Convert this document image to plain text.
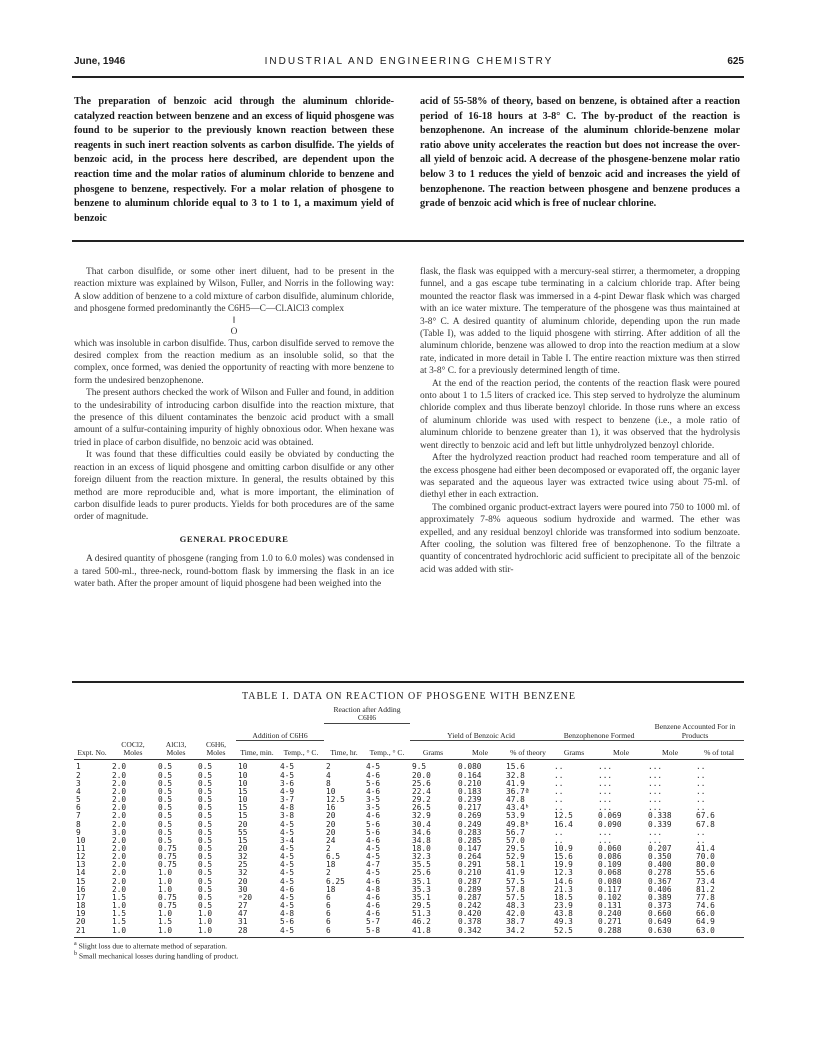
June, 1946	INDUSTRIAL AND ENGINEERING CHEMISTRY	625
The preparation of benzoic acid through the aluminum chloride-catalyzed reaction between benzene and an excess of liquid phosgene was found to be superior to the previously known reaction between these reagents in such inert reaction solvents as carbon disulfide. The yields of benzoic acid, in the process here described, are dependent upon the reaction time and the molar ratios of aluminum chloride to benzene and phosgene to benzene, respectively. For a molar relation of phosgene to benzene to aluminum chloride equal to 3 to 1 to 1, a maximum yield of benzoic
acid of 55-58% of theory, based on benzene, is obtained after a reaction period of 16-18 hours at 3-8° C. The by-product of the reaction is benzophenone. An increase of the aluminum chloride-benzene molar ratio above unity accelerates the reaction but does not increase the over-all yield of benzoic acid. A decrease of the phosgene-benzene molar ratio below 3 to 1 reduces the yield of benzoic acid and increases the yield of benzophenone. The reaction between phosgene and benzene produces a grade of benzoic acid which is free of nuclear chlorine.

That carbon disulfide, or some other inert diluent, had to be present in the reaction mixture was explained by Wilson, Fuller, and Norris in the following way: A slow addition of benzene to a cold mixture of carbon disulfide, aluminum chloride, and phosgene formed predominantly the C6H5—C—Cl.AlCl3 complex

‖

O

which was insoluble in carbon disulfide. Thus, carbon disulfide served to remove the desired complex from the reaction medium as an insoluble solid, so that the complex, once formed, was denied the opportunity of reacting with more benzene to form the undesired benzophenone.

The present authors checked the work of Wilson and Fuller and found, in addition to the undesirability of introducing carbon disulfide into the reaction mixture, that the presence of this diluent contaminates the benzoic acid product with a small amount of a sulfur-containing impurity of highly obnoxious odor. When hexane was tried in place of carbon disulfide, no benzoic acid was obtained.

It was found that these difficulties could easily be obviated by conducting the reaction in an excess of liquid phosgene and omitting carbon disulfide or any other foreign diluent from the reaction mixture. In general, the results obtained by this method are more reproducible and, what is more important, the elimination of carbon disulfide leads to purer products. Yields for both procedures are of the same order of magnitude.

GENERAL PROCEDURE

A desired quantity of phosgene (ranging from 1.0 to 6.0 moles) was condensed in a tared 500-ml., three-neck, round-bottom flask by immersing the flask in an ice water bath. After the proper amount of liquid phosgene had been weighed into the

flask, the flask was equipped with a mercury-seal stirrer, a thermometer, a dropping funnel, and a gas escape tube terminating in a calcium chloride trap. After being mounted the reactor flask was immersed in a 4-pint Dewar flask which was charged with an ice water mixture. The temperature of the phosgene was thus maintained at 3-8° C. A desired quantity of aluminum chloride, depending upon the run made (Table I), was added to the liquid phosgene with stirring. After addition of all the aluminum chloride, benzene was allowed to drop into the reaction medium at a slow rate, indicated in more detail in Table I. The entire reaction mixture was then stirred at 3-8° C. for a previously determined length of time.

At the end of the reaction period, the contents of the reaction flask were poured onto about 1 to 1.5 liters of cracked ice. This step served to hydrolyze the aluminum chloride complex and thus liberate benzoyl chloride. In those runs where an excess of aluminum chloride was used with respect to benzene (i.e., a mole ratio of aluminum chloride to benzene greater than 1), it was observed that the hydrolysis went directly to benzoic acid and left but little unhydrolyzed benzoyl chloride.

After the hydrolyzed reaction product had reached room temperature and all of the excess phosgene had either been decomposed or evaporated off, the organic layer was separated and the aqueous layer was extracted twice using about 75-ml. of diethyl ether in each extraction.

The combined organic product-extract layers were poured into 750 to 1000 ml. of approximately 7-8% aqueous sodium hydroxide and warmed. The ether was expelled, and any residual benzoyl chloride was transformed into sodium benzoate. After cooling, the solution was filtered free of benzophenone. To the filtrate a quantity of concentrated hydrochloric acid sufficient to precipitate all of the benzoic acid was added with stir-

TABLE I. DATA ON REACTION OF PHOSGENE WITH BENZENE
				Addition of C6H6		Reaction after Adding C6H6								
								Yield of Benzoic Acid			Benzophenone Formed		Benzene Accounted For in Products	
Expt. No.	COCl2, Moles	AlCl3, Moles	C6H6, Moles	Time, min.	Temp., ° C.	Time, hr.	Temp., ° C.	Grams	Mole	% of theory	Grams	Mole	Mole	% of total
1	2.0	0.5	0.5	10	4-5	2	4-5	9.5	0.080	15.6	..	...	...	..
2	2.0	0.5	0.5	10	4-5	4	4-6	20.0	0.164	32.8	..	...	...	..
3	2.0	0.5	0.5	10	3-6	8	5-6	25.6	0.210	41.9	..	...	...	..
4	2.0	0.5	0.5	15	4-9	10	4-6	22.4	0.183	36.7ª	..	...	...	..
5	2.0	0.5	0.5	10	3-7	12.5	3-5	29.2	0.239	47.8	..	...	...	..
6	2.0	0.5	0.5	15	4-8	16	3-5	26.5	0.217	43.4ᵇ	..	...	...	..
7	2.0	0.5	0.5	15	3-8	20	4-6	32.9	0.269	53.9	12.5	0.069	0.338	67.6
8	2.0	0.5	0.5	20	4-5	20	5-6	30.4	0.249	49.8ᵇ	16.4	0.090	0.339	67.8
9	3.0	0.5	0.5	55	4-5	20	5-6	34.6	0.283	56.7	..	...	...	..
10	2.0	0.5	0.5	15	3-4	24	4-6	34.8	0.285	57.0	..	...	...	..
11	2.0	0.75	0.5	20	4-5	2	4-5	18.0	0.147	29.5	10.9	0.060	0.207	41.4
12	2.0	0.75	0.5	32	4-5	6.5	4-5	32.3	0.264	52.9	15.6	0.086	0.350	70.0
13	2.0	0.75	0.5	25	4-5	18	4-7	35.5	0.291	58.1	19.9	0.109	0.400	80.0
14	2.0	1.0	0.5	32	4-5	2	4-5	25.6	0.210	41.9	12.3	0.068	0.278	55.6
15	2.0	1.0	0.5	20	4-5	6.25	4-6	35.1	0.287	57.5	14.6	0.080	0.367	73.4
16	2.0	1.0	0.5	30	4-6	18	4-8	35.3	0.289	57.8	21.3	0.117	0.406	81.2
17	1.5	0.75	0.5	ᵃ20	4-5	6	4-6	35.1	0.287	57.5	18.5	0.102	0.389	77.8
18	1.0	0.75	0.5	27	4-5	6	4-6	29.5	0.242	48.3	23.9	0.131	0.373	74.6
19	1.5	1.0	1.0	47	4-8	6	4-6	51.3	0.420	42.0	43.8	0.240	0.660	66.0
20	1.5	1.5	1.0	31	5-6	6	5-7	46.2	0.378	38.7	49.3	0.271	0.649	64.9
21	1.0	1.0	1.0	28	4-5	6	5-8	41.8	0.342	34.2	52.5	0.288	0.630	63.0
$^a$ Slight loss due to alternate method of separation.
$^b$ Small mechanical losses during handling of product.
